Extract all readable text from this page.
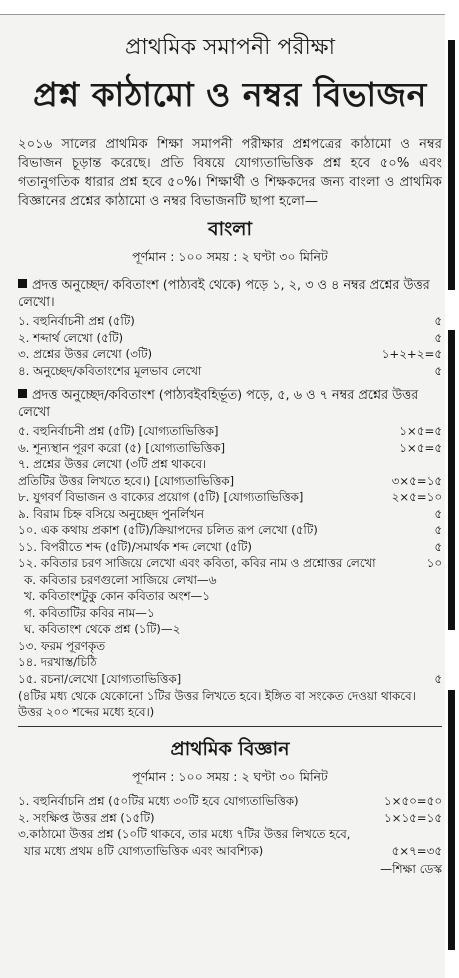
প্রাথমিক সমাপনী পরীক্ষা
প্রশ্ন কাঠামো ও নম্বর বিভাজন
২০১৬ সালের প্রাথমিক শিক্ষা সমাপনী পরীক্ষার প্রশ্নপত্রের কাঠামো ও নম্বর বিভাজন চূড়ান্ত করেছে। প্রতি বিষয়ে যোগ্যতাভিত্তিক প্রশ্ন হবে ৫০% এবং গতানুগতিক ধারার প্রশ্ন হবে ৫০%। শিক্ষার্থী ও শিক্ষকদের জন্য বাংলা ও প্রাথমিক বিজ্ঞানের প্রশ্নের কাঠামো ও নম্বর বিভাজনটি ছাপা হলো—
বাংলা
পূর্ণমান : ১০০ সময় : ২ ঘণ্টা ৩০ মিনিট
প্রদত্ত অনুচ্ছেদ/ কবিতাংশ (পাঠ্যবই থেকে) পড়ে ১, ২, ৩ ও ৪ নম্বর প্রশ্নের উত্তর লেখো।
১. বহুনির্বাচনী প্রশ্ন (৫টি)	৫
২. শব্দার্থ লেখো (৫টি)	৫
৩. প্রশ্নের উত্তর লেখো (৩টি)	১+২+২=৫
৪. অনুচ্ছেদ/কবিতাংশের মূলভাব লেখো	৫
প্রদত্ত অনুচ্ছেদ/কবিতাংশ (পাঠ্যবইবহির্ভূত) পড়ে, ৫, ৬ ও ৭ নম্বর প্রশ্নের উত্তর লেখো
৫. বহুনির্বাচনী প্রশ্ন (৫টি) [যোগ্যতাভিত্তিক]	১×৫=৫
৬. শূন্যস্থান পূরণ করো (৫) [যোগ্যতাভিত্তিক]	১×৫=৫
৭. প্রশ্নের উত্তর লেখো (৩টি প্রশ্ন থাকবে।
প্রতিটির উত্তর লিখতে হবে।) [যোগ্যতাভিত্তিক]	৩×৫=১৫
৮. যুগবর্ণ বিভাজন ও বাক্যের প্রয়োগ (৫টি) [যোগ্যতাভিত্তিক]	২×৫=১০
৯. বিরাম চিহ্ন বসিয়ে অনুচ্ছেদ পুনর্লিখন	৫
১০. এক কথায় প্রকাশ (৫টি)/ক্রিয়াপদের চলিত রূপ লেখো (৫টি)	৫
১১. বিপরীতে শব্দ (৫টি)/সমার্থক শব্দ লেখো (৫টি)	৫
১২. কবিতার চরণ সাজিয়ে লেখো এবং কবিতা, কবির নাম ও প্রশ্নোত্তর লেখো	১০
ক. কবিতার চরণগুলো সাজিয়ে লেখা—৬
খ. কবিতাংশটুকু কোন কবিতার অংশ—১
গ. কবিতাটির কবির নাম—১
ঘ. কবিতাংশ থেকে প্রশ্ন (১টি)—২
১৩. ফরম পূরণকৃত
১৪. দরখাস্ত/চিঠি
১৫. রচনা/লেখো [যোগ্যতাভিত্তিক]	৫
(৪টির মধ্য থেকে যেকোনো ১টির উত্তর লিখতে হবে। ইঙ্গিত বা সংকেত দেওয়া থাকবে। উত্তর ২০০ শব্দের মধ্যে হবে।)
প্রাথমিক বিজ্ঞান
পূর্ণমান : ১০০ সময় : ২ ঘণ্টা ৩০ মিনিট
১. বহুনির্বাচনি প্রশ্ন (৫০টির মধ্যে ৩০টি হবে যোগ্যতাভিত্তিক)	১×৫০=৫০
২. সংক্ষিপ্ত উত্তর প্রশ্ন (১৫টি)	১×১৫=১৫
৩.কাঠামো উত্তর প্রশ্ন (১০টি থাকবে, তার মধ্যে ৭টির উত্তর লিখতে হবে,
যার মধ্যে প্রথম ৪টি যোগ্যতাভিত্তিক এবং আবশ্যিক)	৫×৭=৩৫
—শিক্ষা ডেস্ক
